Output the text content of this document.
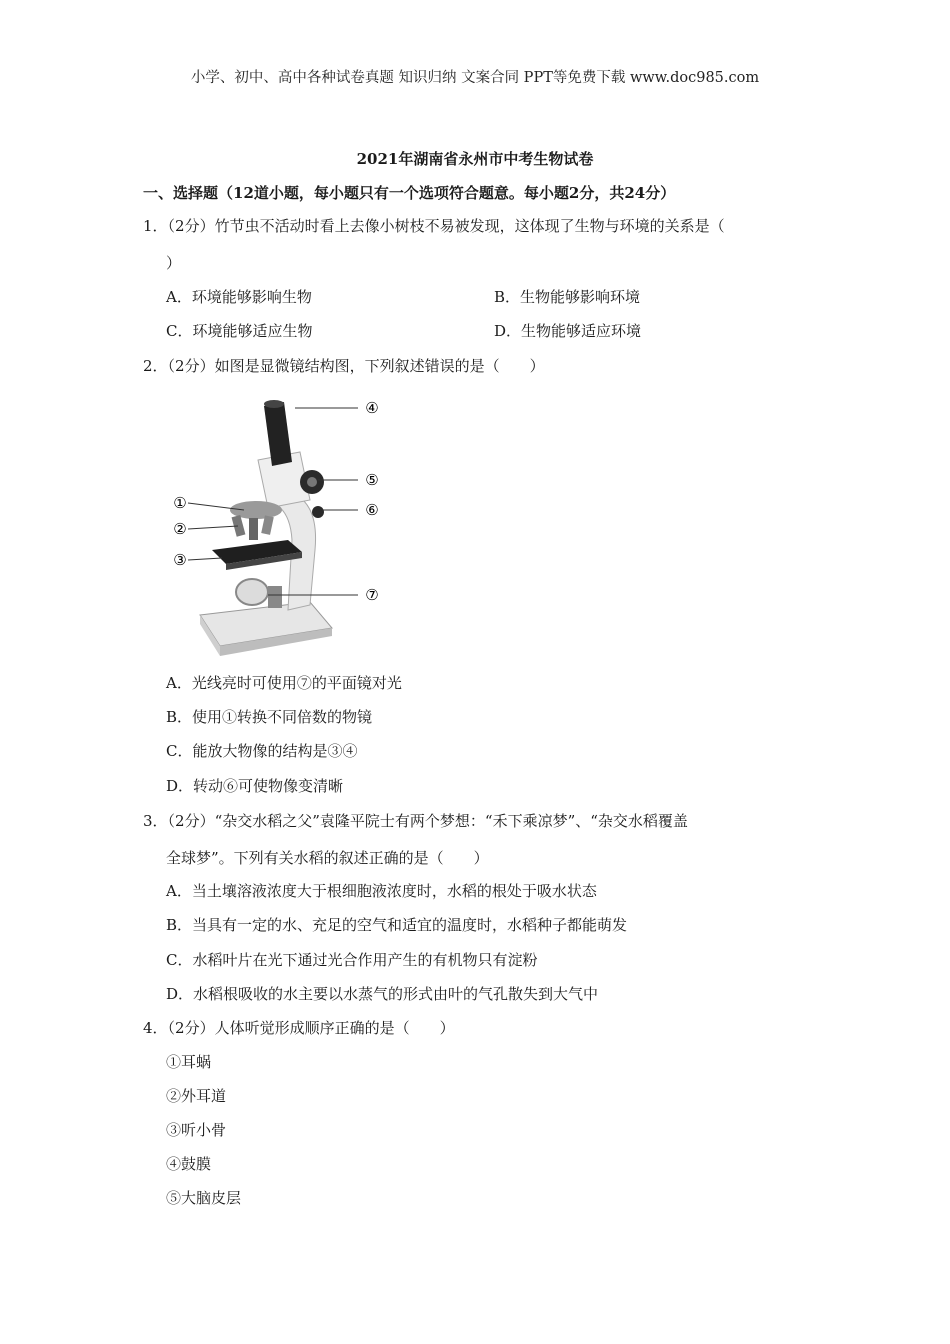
小学、初中、高中各种试卷真题 知识归纳 文案合同 PPT等免费下载 www.doc985.com
2021年湖南省永州市中考生物试卷
一、选择题（12道小题，每小题只有一个选项符合题意。每小题2分，共24分）
1．（2分）竹节虫不活动时看上去像小树枝不易被发现，这体现了生物与环境的关系是（
）
A．环境能够影响生物	B．生物能够影响环境
C．环境能够适应生物	D．生物能够适应环境
2．（2分）如图是显微镜结构图，下列叙述错误的是（　　）
①
②
③
④
⑤
⑥
⑦
A．光线亮时可使用⑦的平面镜对光
B．使用①转换不同倍数的物镜
C．能放大物像的结构是③④
D．转动⑥可使物像变清晰
3．（2分）“杂交水稻之父”袁隆平院士有两个梦想：“禾下乘凉梦”、“杂交水稻覆盖
全球梦”。下列有关水稻的叙述正确的是（　　）
A．当土壤溶液浓度大于根细胞液浓度时，水稻的根处于吸水状态
B．当具有一定的水、充足的空气和适宜的温度时，水稻种子都能萌发
C．水稻叶片在光下通过光合作用产生的有机物只有淀粉
D．水稻根吸收的水主要以水蒸气的形式由叶的气孔散失到大气中
4．（2分）人体听觉形成顺序正确的是（　　）
①耳蜗
②外耳道
③听小骨
④鼓膜
⑤大脑皮层
